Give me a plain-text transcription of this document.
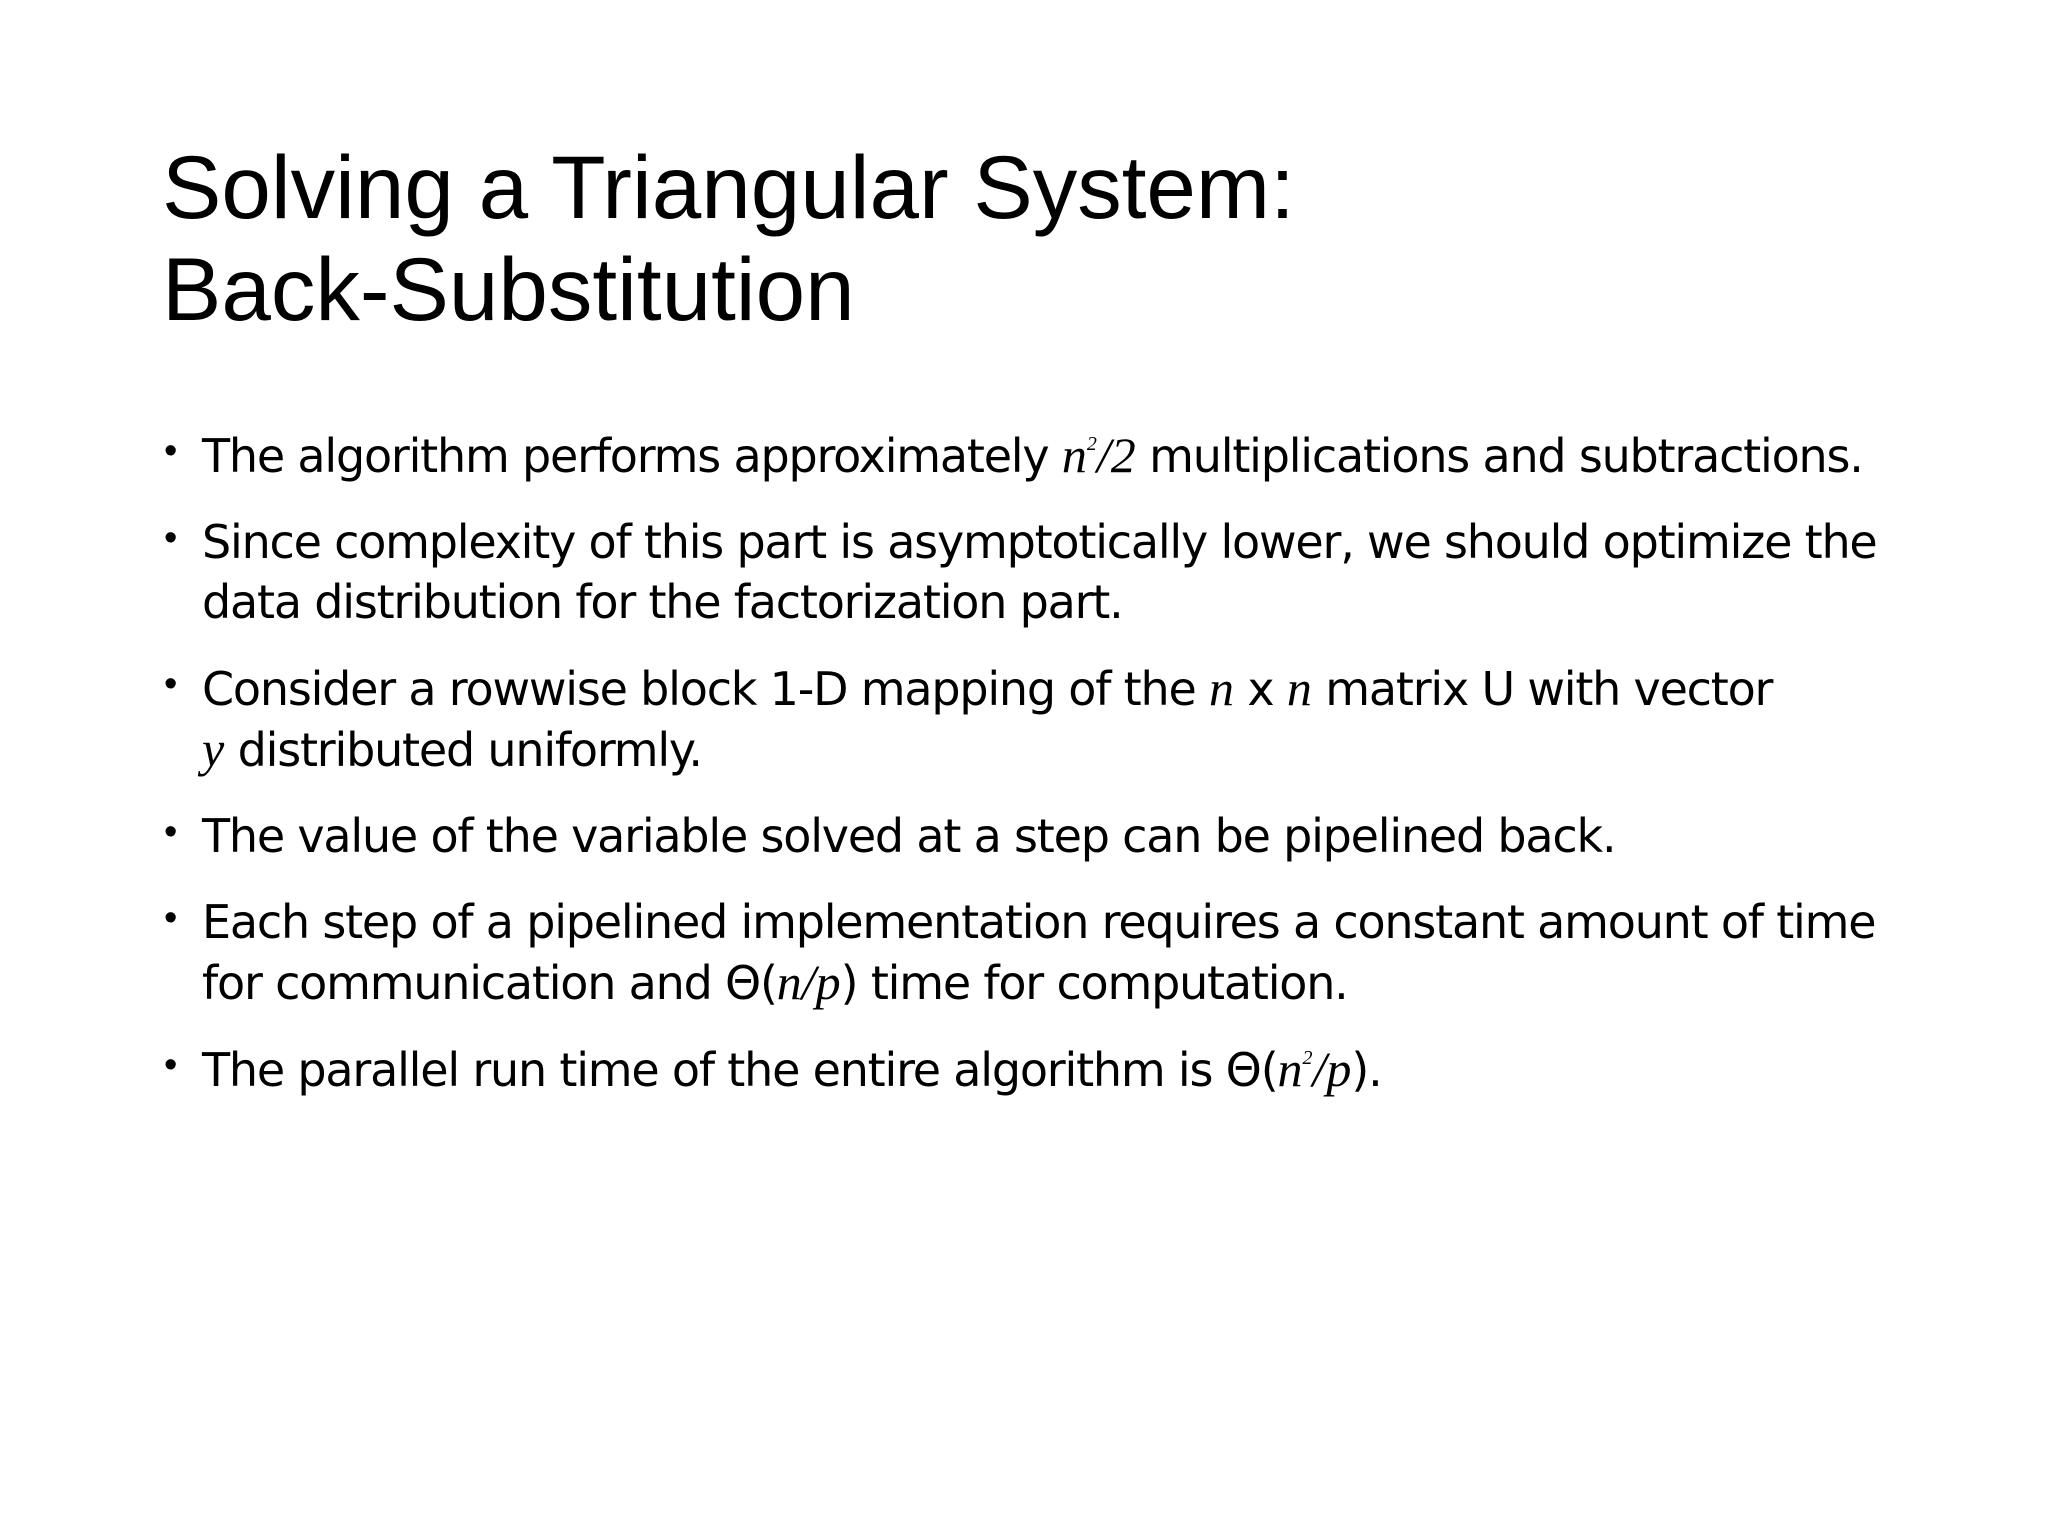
Solving a Triangular System:
Back-Substitution
• The algorithm performs approximately $n^2/2$ multiplications and subtractions.
• Since complexity of this part is asymptotically lower, we should optimize the data distribution for the factorization part.
• Consider a rowwise block 1-D mapping of the n x n matrix U with vector
y distributed uniformly.
• The value of the variable solved at a step can be pipelined back.
• Each step of a pipelined implementation requires a constant amount of time for communication and Θ(n/p) time for computation.
• The parallel run time of the entire algorithm is $\Theta(n^2/p)$.
